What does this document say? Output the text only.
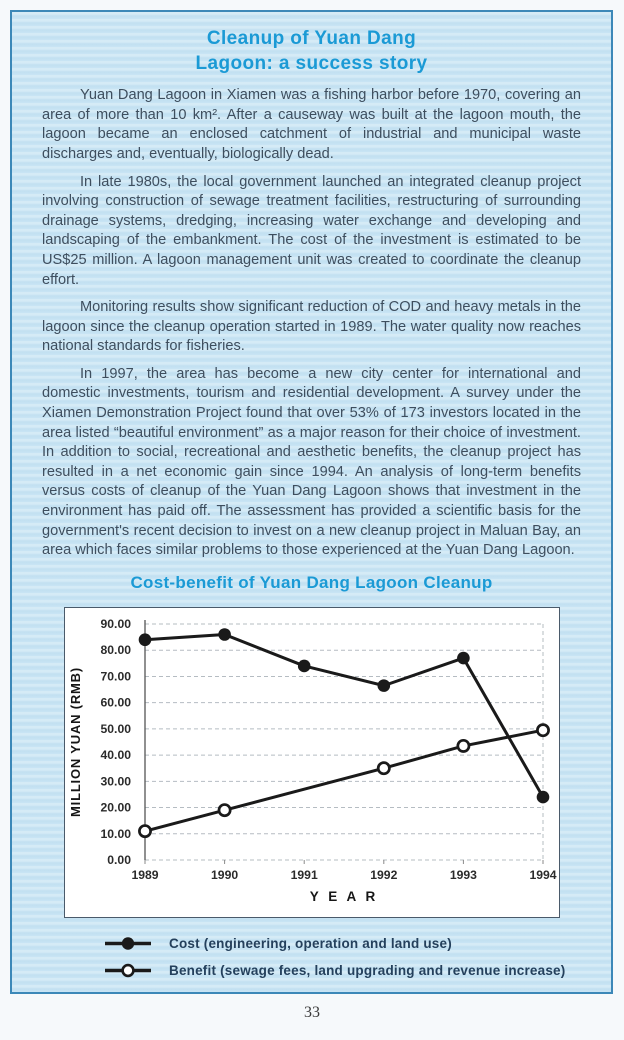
Cleanup of Yuan Dang
Lagoon: a success story

Yuan Dang Lagoon in Xiamen was a fishing harbor before 1970, covering an area of more than 10 km². After a causeway was built at the lagoon mouth, the lagoon became an enclosed catchment of industrial and municipal waste discharges and, eventually, biologically dead.

In late 1980s, the local government launched an integrated cleanup project involving construction of sewage treatment facilities, restructuring of surrounding drainage systems, dredging, increasing water exchange and developing and landscaping of the embankment. The cost of the investment is estimated to be US$25 million. A lagoon management unit was created to coordinate the cleanup effort.

Monitoring results show significant reduction of COD and heavy metals in the lagoon since the cleanup operation started in 1989. The water quality now reaches national standards for fisheries.

In 1997, the area has become a new city center for international and domestic investments, tourism and residential development. A survey under the Xiamen Demonstration Project found that over 53% of 173 investors located in the area listed “beautiful environment” as a major reason for their choice of investment. In addition to social, recreational and aesthetic benefits, the cleanup project has resulted in a net economic gain since 1994. An analysis of long-term benefits versus costs of cleanup of the Yuan Dang Lagoon shows that investment in the environment has paid off. The assessment has provided a scientific basis for the government's recent decision to invest on a new cleanup project in Maluan Bay, an area which faces similar problems to those experienced at the Yuan Dang Lagoon.

Cost-benefit of Yuan Dang Lagoon Cleanup
0.00
10.00
20.00
30.00
40.00
50.00
60.00
70.00
80.00
90.00
1989	1990	1991	1992	1993	1994
Y E A R
MILLION YUAN (RMB)
Cost (engineering, operation and land use)
Benefit (sewage fees, land upgrading and revenue increase)
33
